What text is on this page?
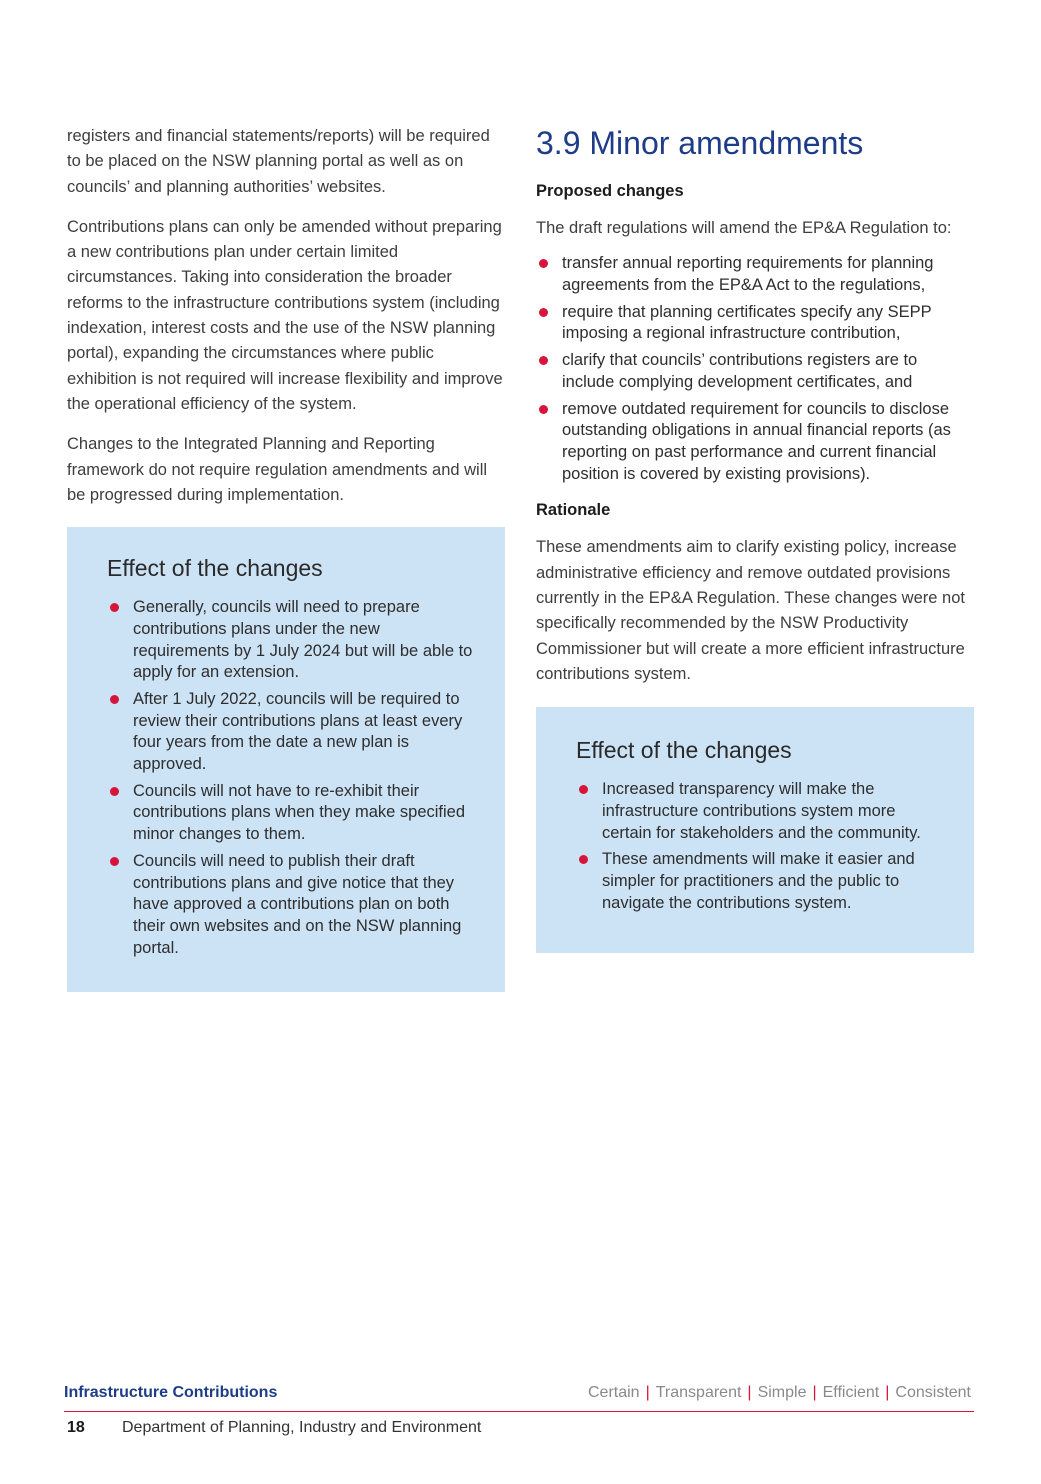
registers and financial statements/reports) will be required to be placed on the NSW planning portal as well as on councils’ and planning authorities’ websites.

Contributions plans can only be amended without preparing a new contributions plan under certain limited circumstances. Taking into consideration the broader reforms to the infrastructure contributions system (including indexation, interest costs and the use of the NSW planning portal), expanding the circumstances where public exhibition is not required will increase flexibility and improve the operational efficiency of the system.

Changes to the Integrated Planning and Reporting framework do not require regulation amendments and will be progressed during implementation.

Effect of the changes
Generally, councils will need to prepare contributions plans under the new requirements by 1 July 2024 but will be able to apply for an extension.
After 1 July 2022, councils will be required to review their contributions plans at least every four years from the date a new plan is approved.
Councils will not have to re-exhibit their contributions plans when they make specified minor changes to them.
Councils will need to publish their draft contributions plans and give notice that they have approved a contributions plan on both their own websites and on the NSW planning portal.
3.9 Minor amendments
Proposed changes

The draft regulations will amend the EP&A Regulation to:

transfer annual reporting requirements for planning agreements from the EP&A Act to the regulations,
require that planning certificates specify any SEPP imposing a regional infrastructure contribution,
clarify that councils’ contributions registers are to include complying development certificates, and
remove outdated requirement for councils to disclose outstanding obligations in annual financial reports (as reporting on past performance and current financial position is covered by existing provisions).
Rationale

These amendments aim to clarify existing policy, increase administrative efficiency and remove outdated provisions currently in the EP&A Regulation. These changes were not specifically recommended by the NSW Productivity Commissioner but will create a more efficient infrastructure contributions system.

Effect of the changes
Increased transparency will make the infrastructure contributions system more certain for stakeholders and the community.
These amendments will make it easier and simpler for practitioners and the public to navigate the contributions system.
Infrastructure Contributions	Certain | Transparent | Simple | Efficient | Consistent
18 Department of Planning, Industry and Environment
